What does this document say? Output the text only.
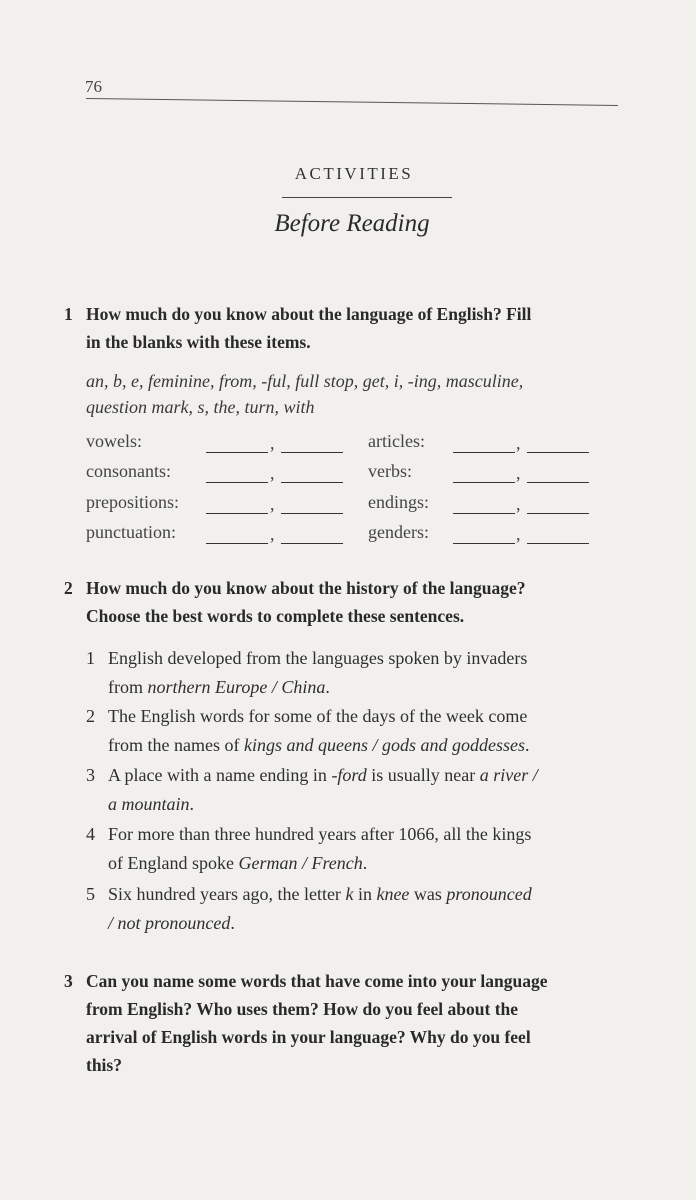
76
ACTIVITIES
Before Reading
1 How much do you know about the language of English? Fill
in the blanks with these items.
an, b, e, feminine, from, -ful, full stop, get, i, -ing, masculine,
question mark, s, the, turn, with
vowels:	,	articles:	,
consonants:	,	verbs:	,
prepositions:	,	endings:	,
punctuation:	,	genders:	,
2 How much do you know about the history of the language?
Choose the best words to complete these sentences.
1 English developed from the languages spoken by invaders
from northern Europe / China.
2 The English words for some of the days of the week come
from the names of kings and queens / gods and goddesses.
3 A place with a name ending in -ford is usually near a river /
a mountain.
4 For more than three hundred years after 1066, all the kings
of England spoke German / French.
5 Six hundred years ago, the letter k in knee was pronounced
/ not pronounced.
3 Can you name some words that have come into your language
from English? Who uses them? How do you feel about the
arrival of English words in your language? Why do you feel
this?
